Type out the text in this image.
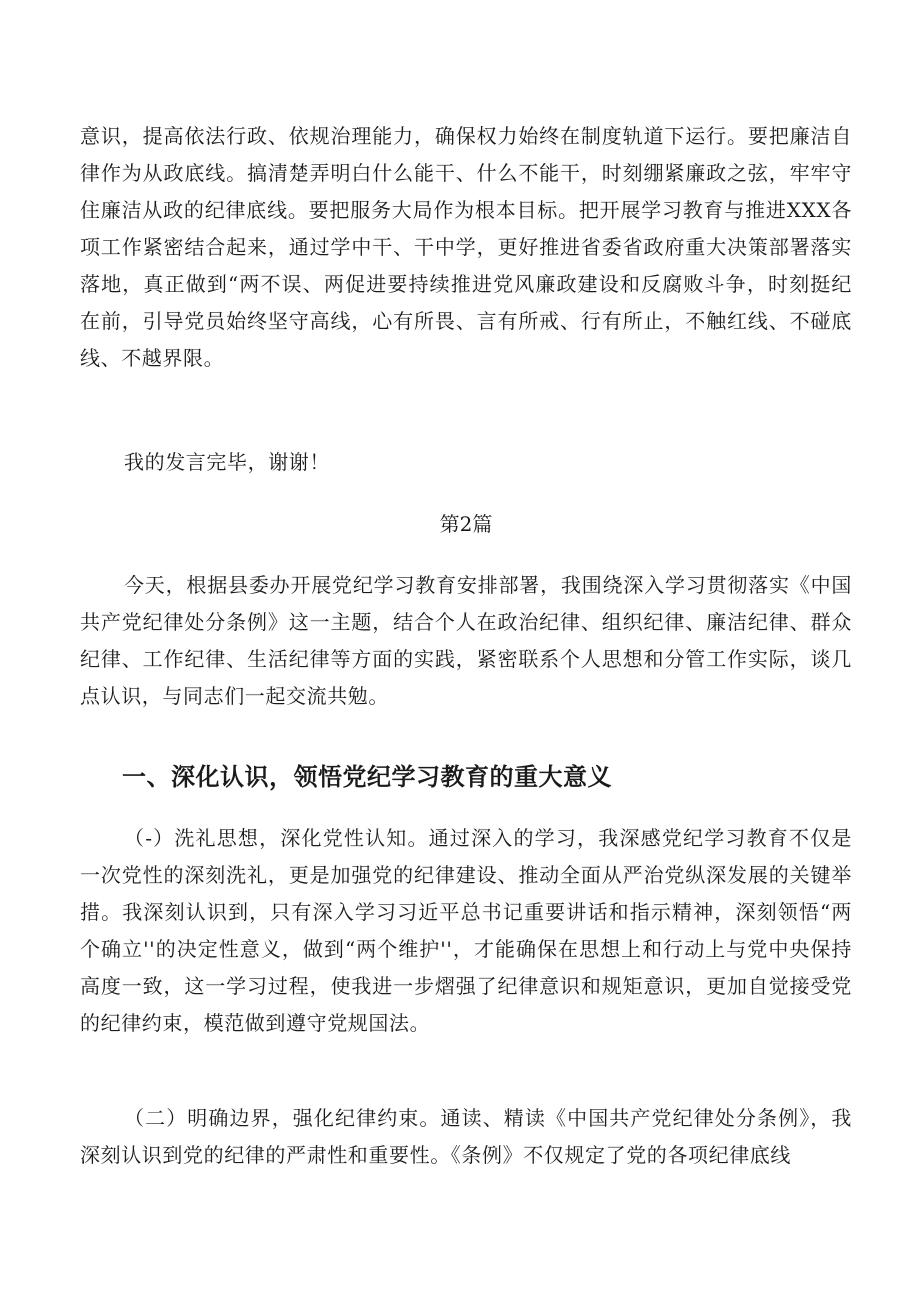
意识，提高依法行政、依规治理能力，确保权力始终在制度轨道下运行。要把廉洁自律作为从政底线。搞清楚弄明白什么能干、什么不能干，时刻绷紧廉政之弦，牢牢守住廉洁从政的纪律底线。要把服务大局作为根本目标。把开展学习教育与推进XXX各项工作紧密结合起来，通过学中干、干中学，更好推进省委省政府重大决策部署落实落地，真正做到“两不误、两促进要持续推进党风廉政建设和反腐败斗争，时刻挺纪在前，引导党员始终坚守高线，心有所畏、言有所戒、行有所止，不触红线、不碰底线、不越界限。

我的发言完毕，谢谢！

第2篇

今天，根据县委办开展党纪学习教育安排部署，我围绕深入学习贯彻落实《中国共产党纪律处分条例》这一主题，结合个人在政治纪律、组织纪律、廉洁纪律、群众纪律、工作纪律、生活纪律等方面的实践，紧密联系个人思想和分管工作实际，谈几点认识，与同志们一起交流共勉。

一、深化认识，领悟党纪学习教育的重大意义

（-）洗礼思想，深化党性认知。通过深入的学习，我深感党纪学习教育不仅是一次党性的深刻洗礼，更是加强党的纪律建设、推动全面从严治党纵深发展的关键举措。我深刻认识到，只有深入学习习近平总书记重要讲话和指示精神，深刻领悟“两个确立''的决定性意义，做到“两个维护''，才能确保在思想上和行动上与党中央保持高度一致，这一学习过程，使我进一步熠强了纪律意识和规矩意识，更加自觉接受党的纪律约束，模范做到遵守党规国法。

（二）明确边界，强化纪律约束。通读、精读《中国共产党纪律处分条例》，我深刻认识到党的纪律的严肃性和重要性。《条例》不仅规定了党的各项纪律底线
